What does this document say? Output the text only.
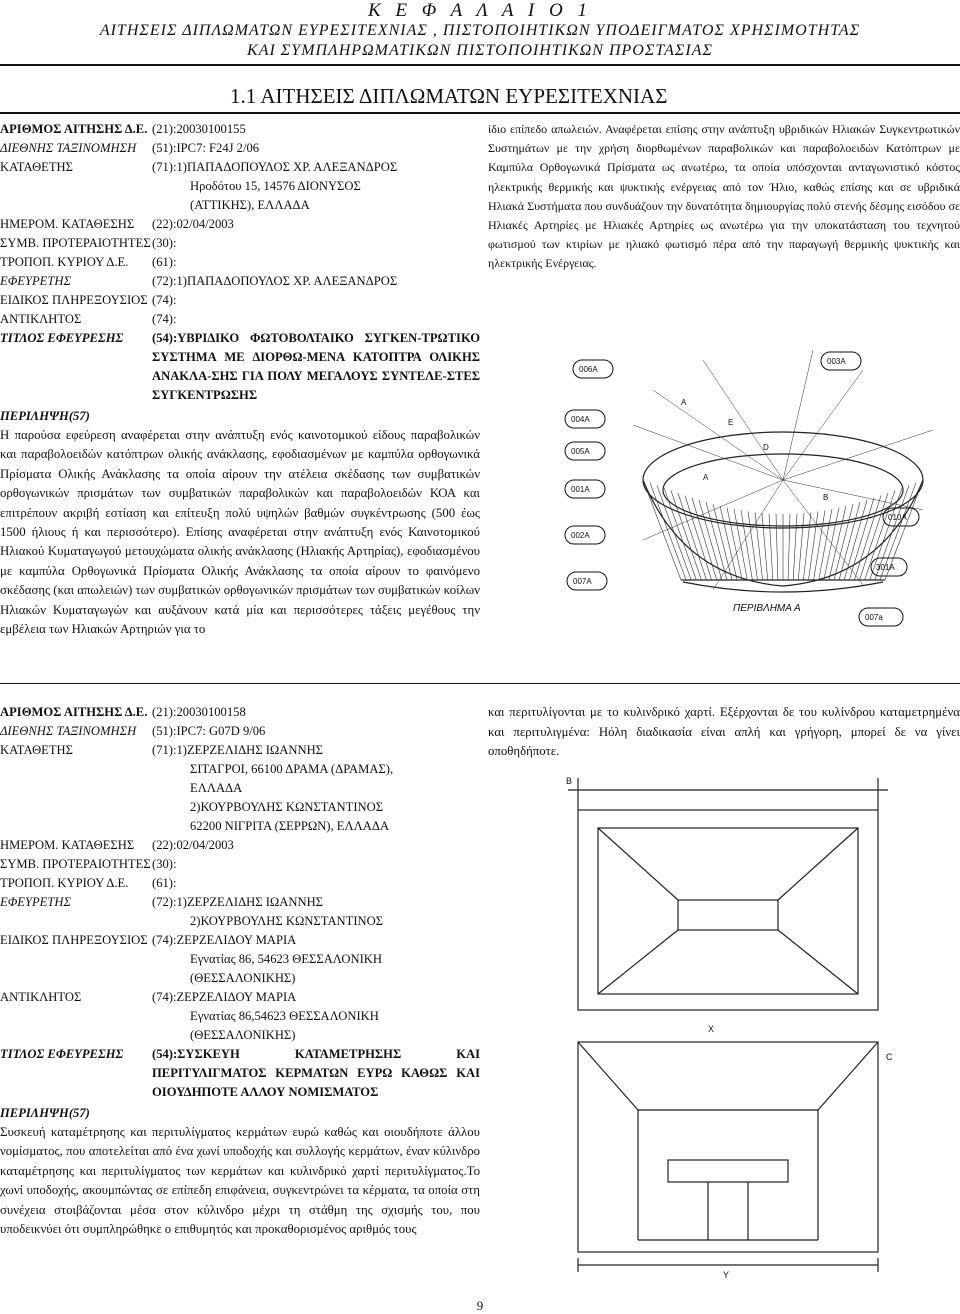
Κ Ε Φ Α Λ Α Ι Ο 1
ΑΙΤΗΣΕΙΣ ΔΙΠΛΩΜΑΤΩΝ ΕΥΡΕΣΙΤΕΧΝΙΑΣ , ΠΙΣΤΟΠΟΙΗΤΙΚΩΝ ΥΠΟΔΕΙΓΜΑΤΟΣ ΧΡΗΣΙΜΟΤΗΤΑΣ
ΚΑΙ ΣΥΜΠΛΗΡΩΜΑΤΙΚΩΝ ΠΙΣΤΟΠΟΙΗΤΙΚΩΝ ΠΡΟΣΤΑΣΙΑΣ
1.1 ΑΙΤΗΣΕΙΣ ΔΙΠΛΩΜΑΤΩΝ ΕΥΡΕΣΙΤΕΧΝΙΑΣ
ΑΡΙΘΜΟΣ ΑΙΤΗΣΗΣ Δ.Ε. (21):20030100155
ΔΙΕΘΝΗΣ ΤΑΞΙΝΟΜΗΣΗ	(51):IPC7: F24J 2/06
ΚΑΤΑΘΕΤΗΣ	(71):1)ΠΑΠΑΔΟΠΟΥΛΟΣ ΧΡ. ΑΛΕΞΑΝΔΡΟΣ
Ηροδότου 15, 14576 ΔΙΟΝΥΣΟΣ
(ΑΤΤΙΚΗΣ), ΕΛΛΑΔΑ
ΗΜΕΡΟΜ. ΚΑΤΑΘΕΣΗΣ	(22):02/04/2003
ΣΥΜΒ. ΠΡΟΤΕΡΑΙΟΤΗΤΕΣ (30):
ΤΡΟΠΟΠ. ΚΥΡΙΟΥ Δ.Ε.	(61):
ΕΦΕΥΡΕΤΗΣ	(72):1)ΠΑΠΑΔΟΠΟΥΛΟΣ ΧΡ. ΑΛΕΞΑΝΔΡΟΣ
ΕΙΔΙΚΟΣ ΠΛΗΡΕΞΟΥΣΙΟΣ (74):
ΑΝΤΙΚΛΗΤΟΣ	(74):
ΤΙΤΛΟΣ ΕΦΕΥΡΕΣΗΣ	(54):ΥΒΡΙΔΙΚΟ ΦΩΤΟΒΟΛΤΑΙΚΟ ΣΥΓΚΕΝ-ΤΡΩΤΙΚΟ ΣΥΣΤΗΜΑ ΜΕ ΔΙΟΡΘΩ-ΜΕΝΑ ΚΑΤΟΠΤΡΑ ΟΛΙΚΗΣ ΑΝΑΚΛΑ-ΣΗΣ ΓΙΑ ΠΟΛΥ ΜΕΓΑΛΟΥΣ ΣΥΝΤΕΛΕ-ΣΤΕΣ ΣΥΓΚΕΝΤΡΩΣΗΣ
ΠΕΡΙΛΗΨΗ(57)
Η παρούσα εφεύρεση αναφέρεται στην ανάπτυξη ενός καινοτομικού είδους παραβολικών και παραβολοειδών κατόπτρων ολικής ανάκλασης, εφοδιασμένων με καμπύλα ορθογωνικά Πρίσματα Ολικής Ανάκλασης τα οποία αίρουν την ατέλεια σκέδασης των συμβατικών ορθογωνικών πρισμάτων των συμβατικών παραβολικών και παραβολοειδών ΚΟΑ και επιτρέπουν ακριβή εστίαση και επίτευξη πολύ υψηλών βαθμών συγκέντρωσης (500 έως 1500 ήλιους ή και περισσότερο). Επίσης αναφέρεται στην ανάπτυξη ενός Καινοτομικού Ηλιακού Κυματαγωγού μετουχώματα ολικής ανάκλασης (Ηλιακής Αρτηρίας), εφοδιασμένου με καμπύλα Ορθογωνικά Πρίσματα Ολικής Ανάκλασης τα οποία αίρουν το φαινόμενο σκέδασης (και απωλειών) των συμβατικών ορθογωνικών πρισμάτων των συμβατικών κοίλων Ηλιακών Κυματαγωγών και αυξάνουν κατά μία και περισσότερες τάξεις μεγέθους την εμβέλεια των Ηλιακών Αρτηριών για το
ίδιο επίπεδο απωλειών. Αναφέρεται επίσης στην ανάπτυξη υβριδικών Ηλιακών Συγκεντρωτικών Συστημάτων με την χρήση διορθωμένων παραβολικών και παραβολοειδών Κατόπτρων με Καμπύλα Ορθογωνικά Πρίσματα ως ανωτέρω, τα οποία υπόσχονται ανταγωνιστικό κόστος ηλεκτρικής θερμικής και ψυκτικής ενέργειας από τον Ήλιο, καθώς επίσης και σε υβριδικά Ηλιακά Συστήματα που συνδυάζουν την δυνατότητα δημιουργίας πολύ στενής δέσμης εισόδου σε Ηλιακές Αρτηρίες με Ηλιακές Αρτηρίες ως ανωτέρω για την υποκατάσταση του τεχνητού φωτισμού των κτιρίων με ηλιακό φωτισμό πέρα από την παραγωγή θερμικής ψυκτικής και ηλεκτρικής Ενέργειας.
006A
003A
004A
005A
001A
002A
007A
010A
301A
007a
A
E
D
B
A
ΠΕΡΙΒΛΗΜΑ Α
ΑΡΙΘΜΟΣ ΑΙΤΗΣΗΣ Δ.Ε. (21):20030100158
ΔΙΕΘΝΗΣ ΤΑΞΙΝΟΜΗΣΗ	(51):IPC7: G07D 9/06
ΚΑΤΑΘΕΤΗΣ	(71):1)ΖΕΡΖΕΛΙΔΗΣ ΙΩΑΝΝΗΣ
ΣΙΤΑΓΡΟΙ, 66100 ΔΡΑΜΑ (ΔΡΑΜΑΣ),
ΕΛΛΑΔΑ
2)ΚΟΥΡΒΟΥΛΗΣ ΚΩΝΣΤΑΝΤΙΝΟΣ
62200 ΝΙΓΡΙΤΑ (ΣΕΡΡΩΝ), ΕΛΛΑΔΑ
ΗΜΕΡΟΜ. ΚΑΤΑΘΕΣΗΣ	(22):02/04/2003
ΣΥΜΒ. ΠΡΟΤΕΡΑΙΟΤΗΤΕΣ (30):
ΤΡΟΠΟΠ. ΚΥΡΙΟΥ Δ.Ε.	(61):
ΕΦΕΥΡΕΤΗΣ	(72):1)ΖΕΡΖΕΛΙΔΗΣ ΙΩΑΝΝΗΣ
2)ΚΟΥΡΒΟΥΛΗΣ ΚΩΝΣΤΑΝΤΙΝΟΣ
ΕΙΔΙΚΟΣ ΠΛΗΡΕΞΟΥΣΙΟΣ (74):ΖΕΡΖΕΛΙΔΟΥ ΜΑΡΙΑ
Εγνατίας 86, 54623 ΘΕΣΣΑΛΟΝΙΚΗ
(ΘΕΣΣΑΛΟΝΙΚΗΣ)
ΑΝΤΙΚΛΗΤΟΣ	(74):ΖΕΡΖΕΛΙΔΟΥ ΜΑΡΙΑ
Εγνατίας 86,54623 ΘΕΣΣΑΛΟΝΙΚΗ
(ΘΕΣΣΑΛΟΝΙΚΗΣ)
ΤΙΤΛΟΣ ΕΦΕΥΡΕΣΗΣ	(54):ΣΥΣΚΕΥΗ ΚΑΤΑΜΕΤΡΗΣΗΣ ΚΑΙ ΠΕΡΙΤΥΛΙΓΜΑΤΟΣ ΚΕΡΜΑΤΩΝ ΕΥΡΩ ΚΑΘΩΣ ΚΑΙ ΟΙΟΥΔΗΠΟΤΕ ΑΛΛΟΥ ΝΟΜΙΣΜΑΤΟΣ
ΠΕΡΙΛΗΨΗ(57)
Συσκευή καταμέτρησης και περιτυλίγματος κερμάτων ευρώ καθώς και οιουδήποτε άλλου νομίσματος, που αποτελείται από ένα χωνί υποδοχής και συλλογής κερμάτων, έναν κύλινδρο καταμέτρησης και περιτυλίγματος των κερμάτων και κυλινδρικό χαρτί περιτυλίγματος.Το χωνί υποδοχής, ακουμπώντας σε επίπεδη επιφάνεια, συγκεντρώνει τα κέρματα, τα οποία στη συνέχεια στοιβάζονται μέσα στον κύλινδρο μέχρι τη στάθμη της σχισμής του, που υποδεικνύει ότι συμπληρώθηκε ο επιθυμητός και προκαθορισμένος αριθμός τους
και περιτυλίγονται με το κυλινδρικό χαρτί. Εξέρχονται δε του κυλίνδρου καταμετρημένα και περιτυλιγμένα: Hόλη διαδικασία είναι απλή και γρήγορη, μπορεί δε να γίνει οποθηδήποτε.
B
X
Y
C
9
